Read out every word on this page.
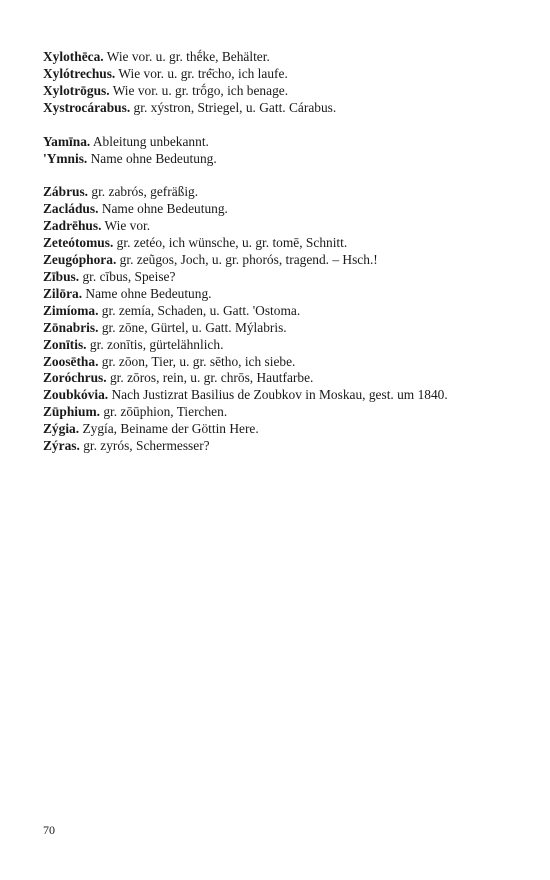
Xylothēca. Wie vor. u. gr. thḗke, Behälter.
Xylótrechus. Wie vor. u. gr. tré̄cho, ich laufe.
Xylotrōgus. Wie vor. u. gr. trṓgo, ich benage.
Xystrocárabus. gr. xýstron, Striegel, u. Gatt. Cárabus.
Yamīna. Ableitung unbekannt.
'Ymnis. Name ohne Bedeutung.
Zábrus. gr. zabrós, gefräßig.
Zacládus. Name ohne Bedeutung.
Zadrēhus. Wie vor.
Zeteótomus. gr. zetéo, ich wünsche, u. gr. tomē, Schnitt.
Zeugóphora. gr. zeũgos, Joch, u. gr. phorós, tragend. – Hsch.!
Zībus. gr. cībus, Speise?
Zilōra. Name ohne Bedeutung.
Zimíoma. gr. zemía, Schaden, u. Gatt. 'Ostoma.
Zōnabris. gr. zōne, Gürtel, u. Gatt. Mýlabris.
Zonītis. gr. zonītis, gürtelähnlich.
Zoosētha. gr. zōon, Tier, u. gr. sētho, ich siebe.
Zoróchrus. gr. zōros, rein, u. gr. chrōs, Hautfarbe.
Zoubkóvia. Nach Justizrat Basilius de Zoubkov in Moskau, gest. um 1840.
Zūphium. gr. zōūphion, Tierchen.
Zýgia. Zygía, Beiname der Göttin Here.
Zýras. gr. zyrós, Schermesser?
70
